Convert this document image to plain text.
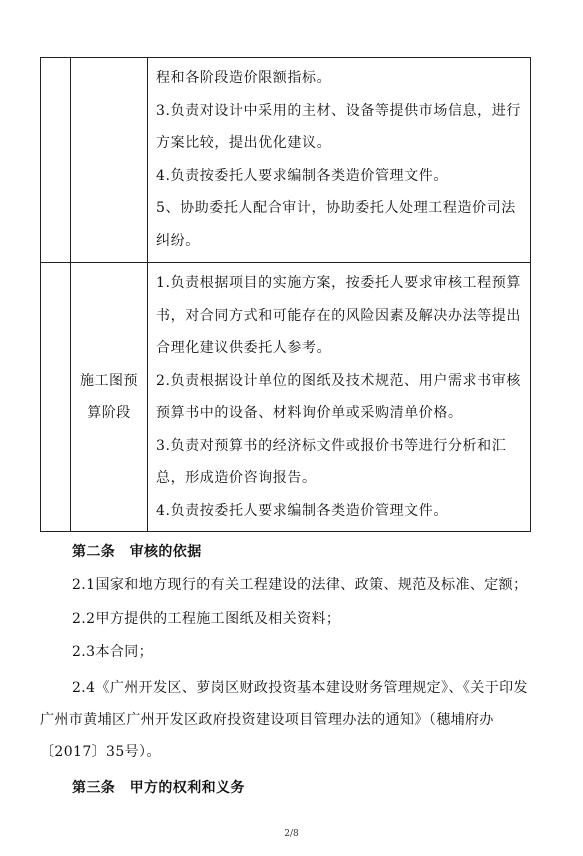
		程和各阶段造价限额指标。

3.负责对设计中采用的主材、设备等提供市场信息，进行方案比较，提出优化建议。

4.负责按委托人要求编制各类造价管理文件。

5、协助委托人配合审计，协助委托人处理工程造价司法纠纷。

	施工图预算阶段	1.负责根据项目的实施方案，按委托人要求审核工程预算书，对合同方式和可能存在的风险因素及解决办法等提出合理化建议供委托人参考。

2.负责根据设计单位的图纸及技术规范、用户需求书审核预算书中的设备、材料询价单或采购清单价格。

3.负责对预算书的经济标文件或报价书等进行分析和汇总，形成造价咨询报告。

4.负责按委托人要求编制各类造价管理文件。

第二条　审核的依据

2.1国家和地方现行的有关工程建设的法律、政策、规范及标准、定额；

2.2甲方提供的工程施工图纸及相关资料；

2.3本合同；

2.4《广州开发区、萝岗区财政投资基本建设财务管理规定》、《关于印发广州市黄埔区广州开发区政府投资建设项目管理办法的通知》（穗埔府办〔2017〕35号）。

第三条　甲方的权利和义务

2/8
